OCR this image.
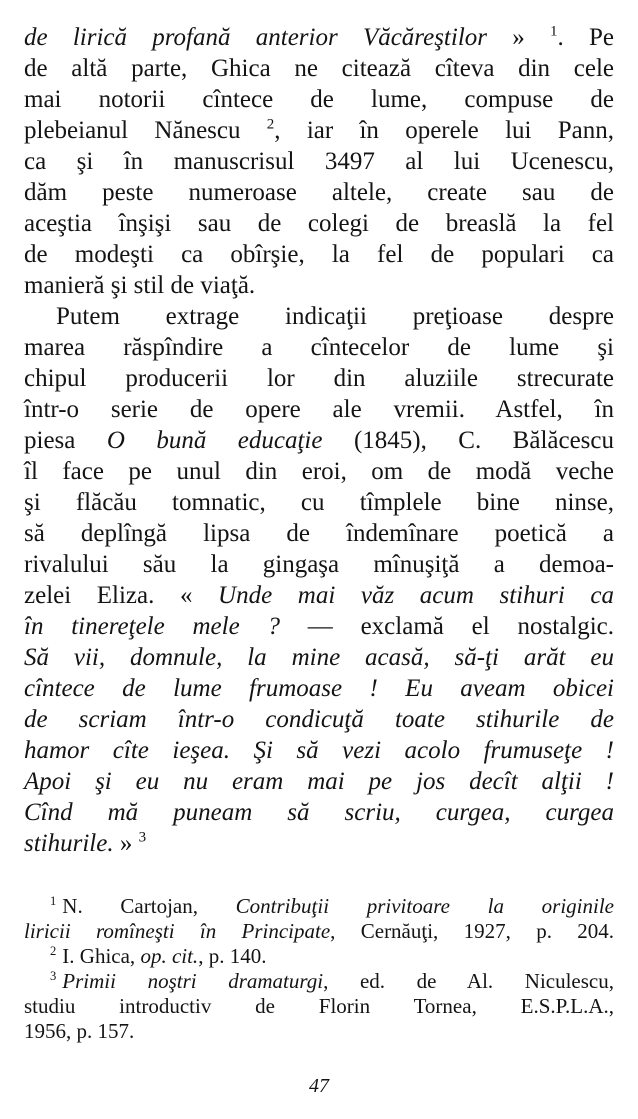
de lirică profană anterior Văcăreştilor » $^1$. Pe
de altă parte, Ghica ne citează cîteva din cele
mai notorii cîntece de lume, compuse de
plebeianul Nănescu $^2$, iar în operele lui Pann,
ca şi în manuscrisul 3497 al lui Ucenescu,
dăm peste numeroase altele, create sau de
aceştia înşişi sau de colegi de breaslă la fel
de modeşti ca obîrşie, la fel de populari ca
manieră şi stil de viaţă.
Putem extrage indicaţii preţioase despre
marea răspîndire a cîntecelor de lume şi
chipul producerii lor din aluziile strecurate
într-o serie de opere ale vremii. Astfel, în
piesa O bună educaţie (1845), C. Bălăcescu
îl face pe unul din eroi, om de modă veche
şi flăcău tomnatic, cu tîmplele bine ninse,
să deplîngă lipsa de îndemînare poetică a
rivalului său la gingaşa mînuşiţă a demoa-
zelei Eliza. « Unde mai văz acum stihuri ca
în tinereţele mele ? — exclamă el nostalgic.
Să vii, domnule, la mine acasă, să-ţi arăt eu
cîntece de lume frumoase ! Eu aveam obicei
de scriam într-o condicuţă toate stihurile de
hamor cîte ieşea. Şi să vezi acolo frumuseţe !
Apoi şi eu nu eram mai pe jos decît alţii !
Cînd mă puneam să scriu, curgea, curgea
stihurile. » $^3$
$^1$ N. Cartojan, Contribuţii privitoare la originile
liricii romîneşti în Principate, Cernăuţi, 1927, p. 204.
$^2$ I. Ghica, op. cit., p. 140.
$^3$ Primii noştri dramaturgi, ed. de Al. Niculescu,
studiu introductiv de Florin Tornea, E.S.P.L.A.,
1956, p. 157.
47
